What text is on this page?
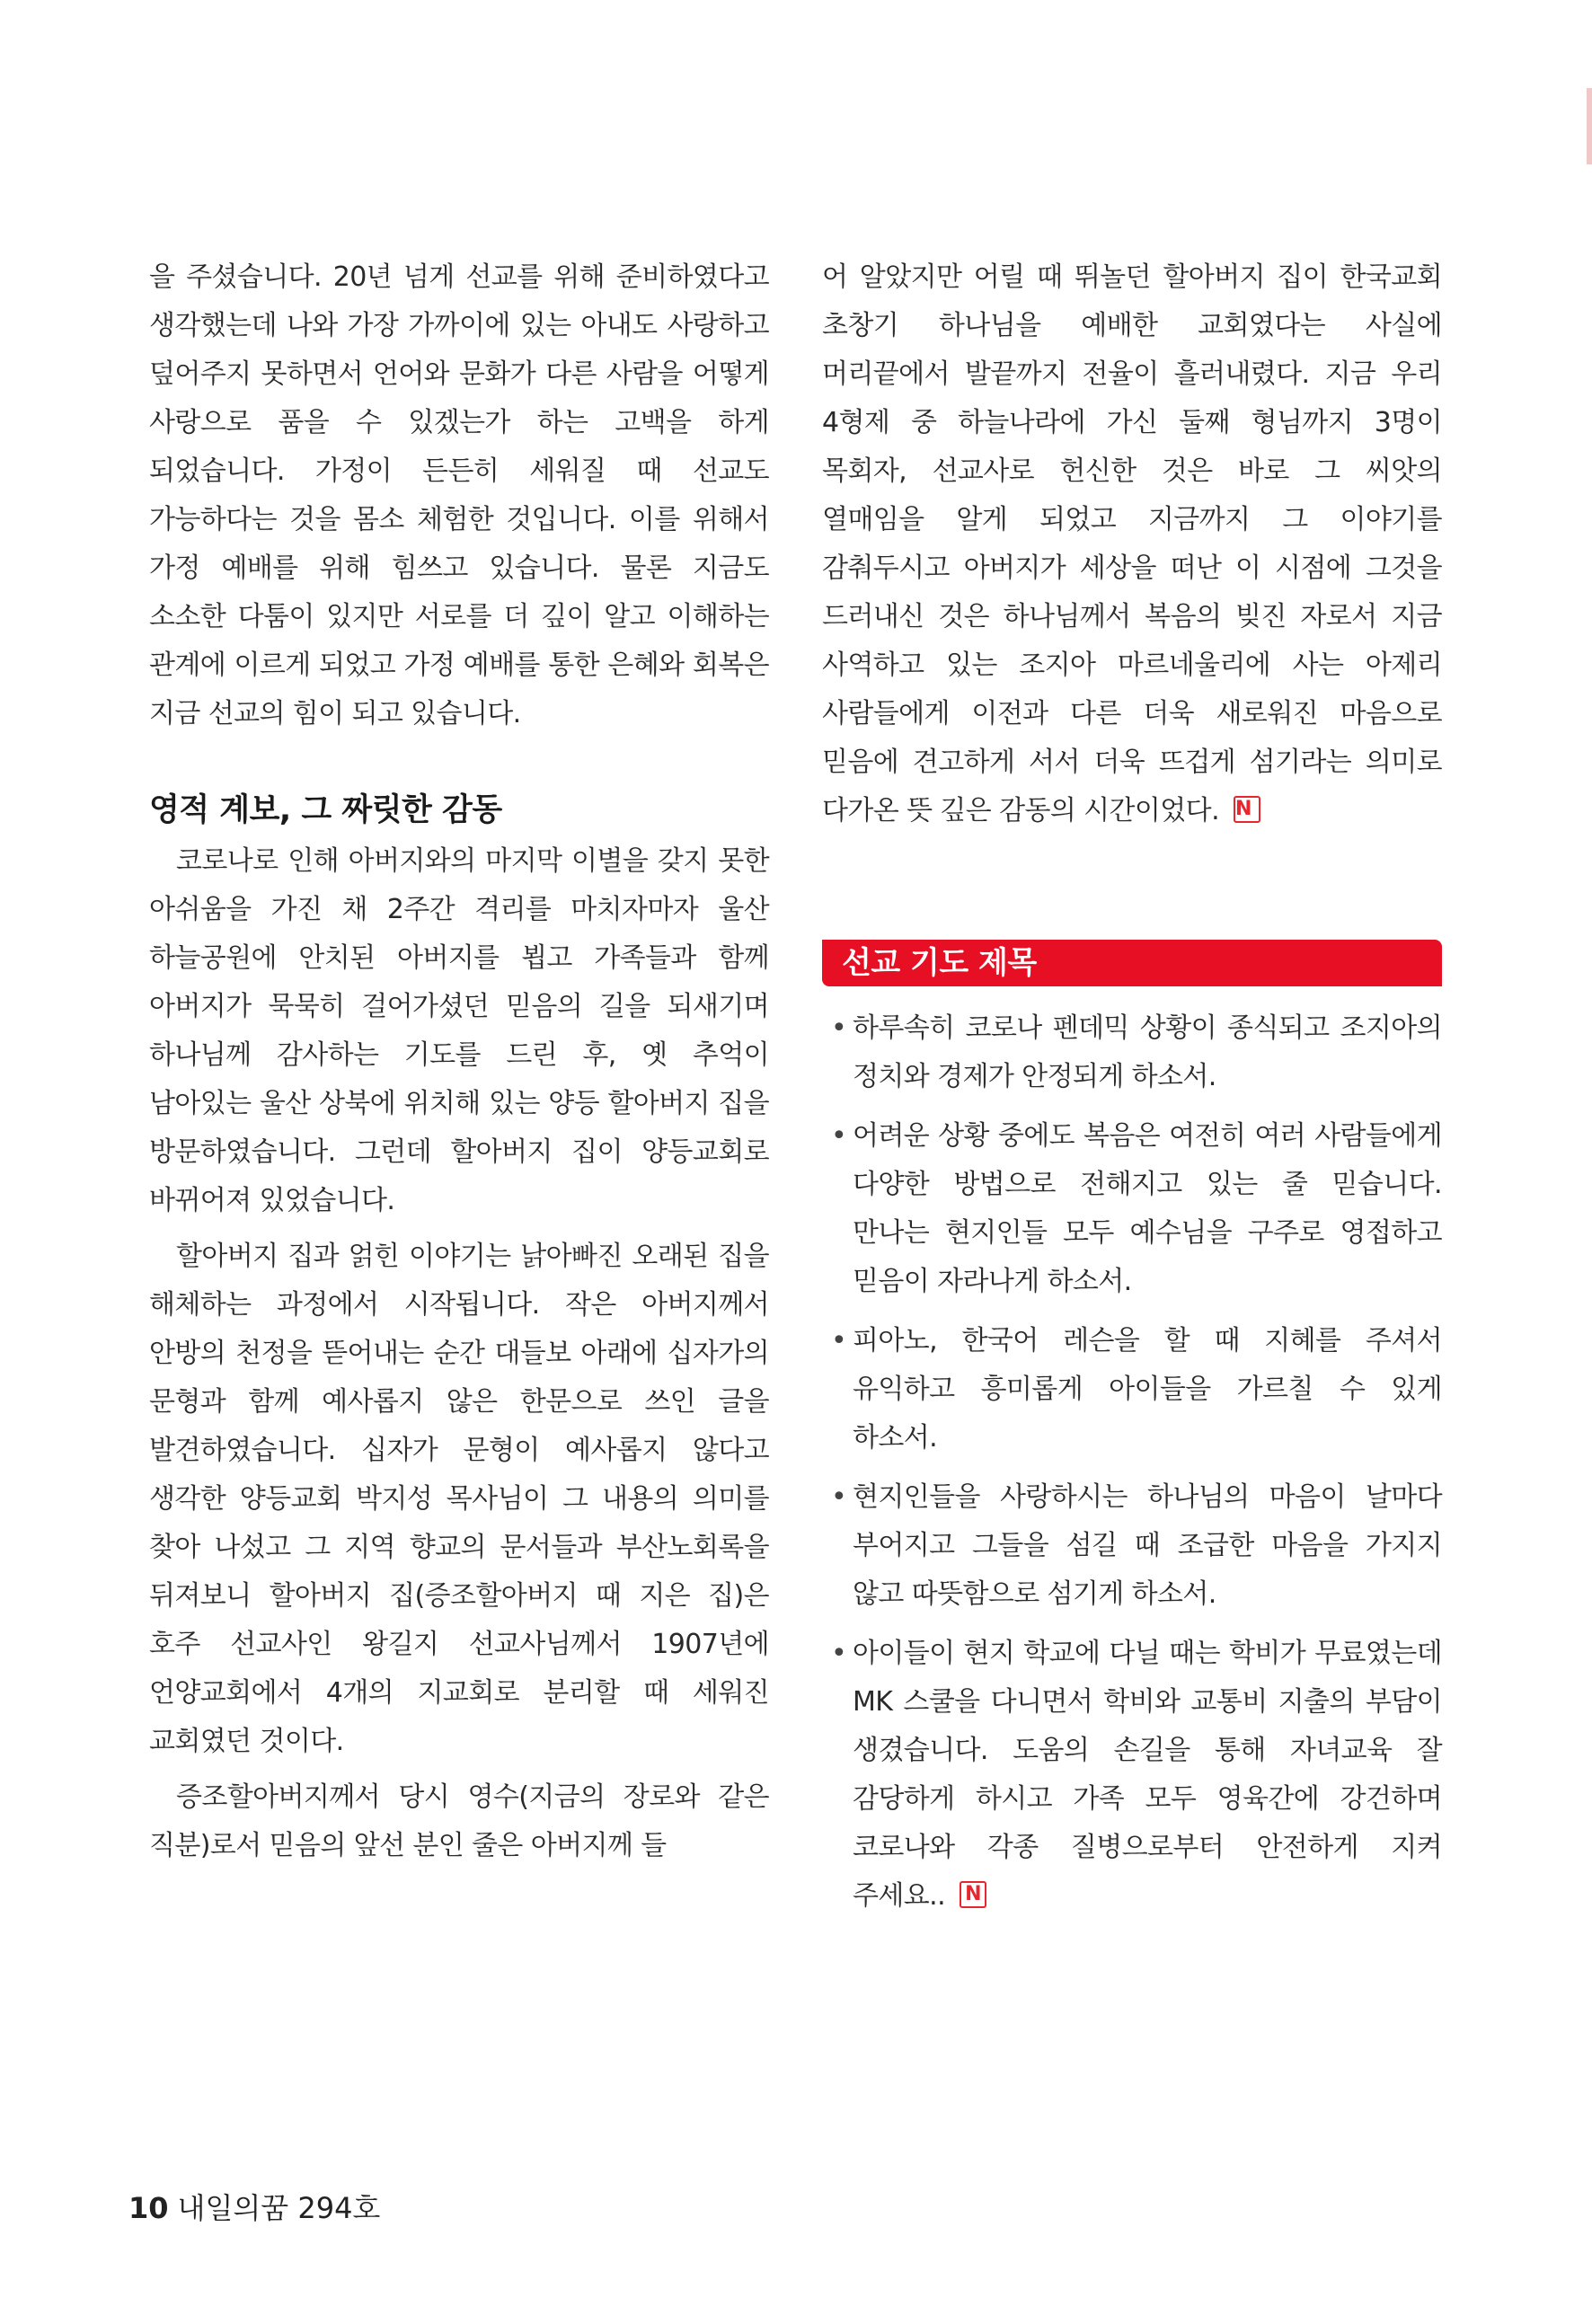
을 주셨습니다. 20년 넘게 선교를 위해 준비하였다고 생각했는데 나와 가장 가까이에 있는 아내도 사랑하고 덮어주지 못하면서 언어와 문화가 다른 사람을 어떻게 사랑으로 품을 수 있겠는가 하는 고백을 하게 되었습니다. 가정이 든든히 세워질 때 선교도 가능하다는 것을 몸소 체험한 것입니다. 이를 위해서 가정 예배를 위해 힘쓰고 있습니다. 물론 지금도 소소한 다툼이 있지만 서로를 더 깊이 알고 이해하는 관계에 이르게 되었고 가정 예배를 통한 은혜와 회복은 지금 선교의 힘이 되고 있습니다.

영적 계보, 그 짜릿한 감동

코로나로 인해 아버지와의 마지막 이별을 갖지 못한 아쉬움을 가진 채 2주간 격리를 마치자마자 울산 하늘공원에 안치된 아버지를 뵙고 가족들과 함께 아버지가 묵묵히 걸어가셨던 믿음의 길을 되새기며 하나님께 감사하는 기도를 드린 후, 옛 추억이 남아있는 울산 상북에 위치해 있는 양등 할아버지 집을 방문하였습니다. 그런데 할아버지 집이 양등교회로 바뀌어져 있었습니다.

할아버지 집과 얽힌 이야기는 낡아빠진 오래된 집을 해체하는 과정에서 시작됩니다. 작은 아버지께서 안방의 천정을 뜯어내는 순간 대들보 아래에 십자가의 문형과 함께 예사롭지 않은 한문으로 쓰인 글을 발견하였습니다. 십자가 문형이 예사롭지 않다고 생각한 양등교회 박지성 목사님이 그 내용의 의미를 찾아 나섰고 그 지역 향교의 문서들과 부산노회록을 뒤져보니 할아버지 집(증조할아버지 때 지은 집)은 호주 선교사인 왕길지 선교사님께서 1907년에 언양교회에서 4개의 지교회로 분리할 때 세워진 교회였던 것이다.

증조할아버지께서 당시 영수(지금의 장로와 같은 직분)로서 믿음의 앞선 분인 줄은 아버지께 들

어 알았지만 어릴 때 뛰놀던 할아버지 집이 한국교회 초창기 하나님을 예배한 교회였다는 사실에 머리끝에서 발끝까지 전율이 흘러내렸다. 지금 우리 4형제 중 하늘나라에 가신 둘째 형님까지 3명이 목회자, 선교사로 헌신한 것은 바로 그 씨앗의 열매임을 알게 되었고 지금까지 그 이야기를 감춰두시고 아버지가 세상을 떠난 이 시점에 그것을 드러내신 것은 하나님께서 복음의 빚진 자로서 지금 사역하고 있는 조지아 마르네울리에 사는 아제리 사람들에게 이전과 다른 더욱 새로워진 마음으로 믿음에 견고하게 서서 더욱 뜨겁게 섬기라는 의미로 다가온 뜻 깊은 감동의 시간이었다.N

선교 기도 제목
• 하루속히 코로나 펜데믹 상황이 종식되고 조지아의 정치와 경제가 안정되게 하소서.
• 어려운 상황 중에도 복음은 여전히 여러 사람들에게 다양한 방법으로 전해지고 있는 줄 믿습니다. 만나는 현지인들 모두 예수님을 구주로 영접하고 믿음이 자라나게 하소서.
• 피아노, 한국어 레슨을 할 때 지혜를 주셔서 유익하고 흥미롭게 아이들을 가르칠 수 있게 하소서.
• 현지인들을 사랑하시는 하나님의 마음이 날마다 부어지고 그들을 섬길 때 조급한 마음을 가지지 않고 따뜻함으로 섬기게 하소서.
• 아이들이 현지 학교에 다닐 때는 학비가 무료였는데 MK 스쿨을 다니면서 학비와 교통비 지출의 부담이 생겼습니다. 도움의 손길을 통해 자녀교육 잘 감당하게 하시고 가족 모두 영육간에 강건하며 코로나와 각종 질병으로부터 안전하게 지켜 주세요..N
10 내일의꿈 294호
